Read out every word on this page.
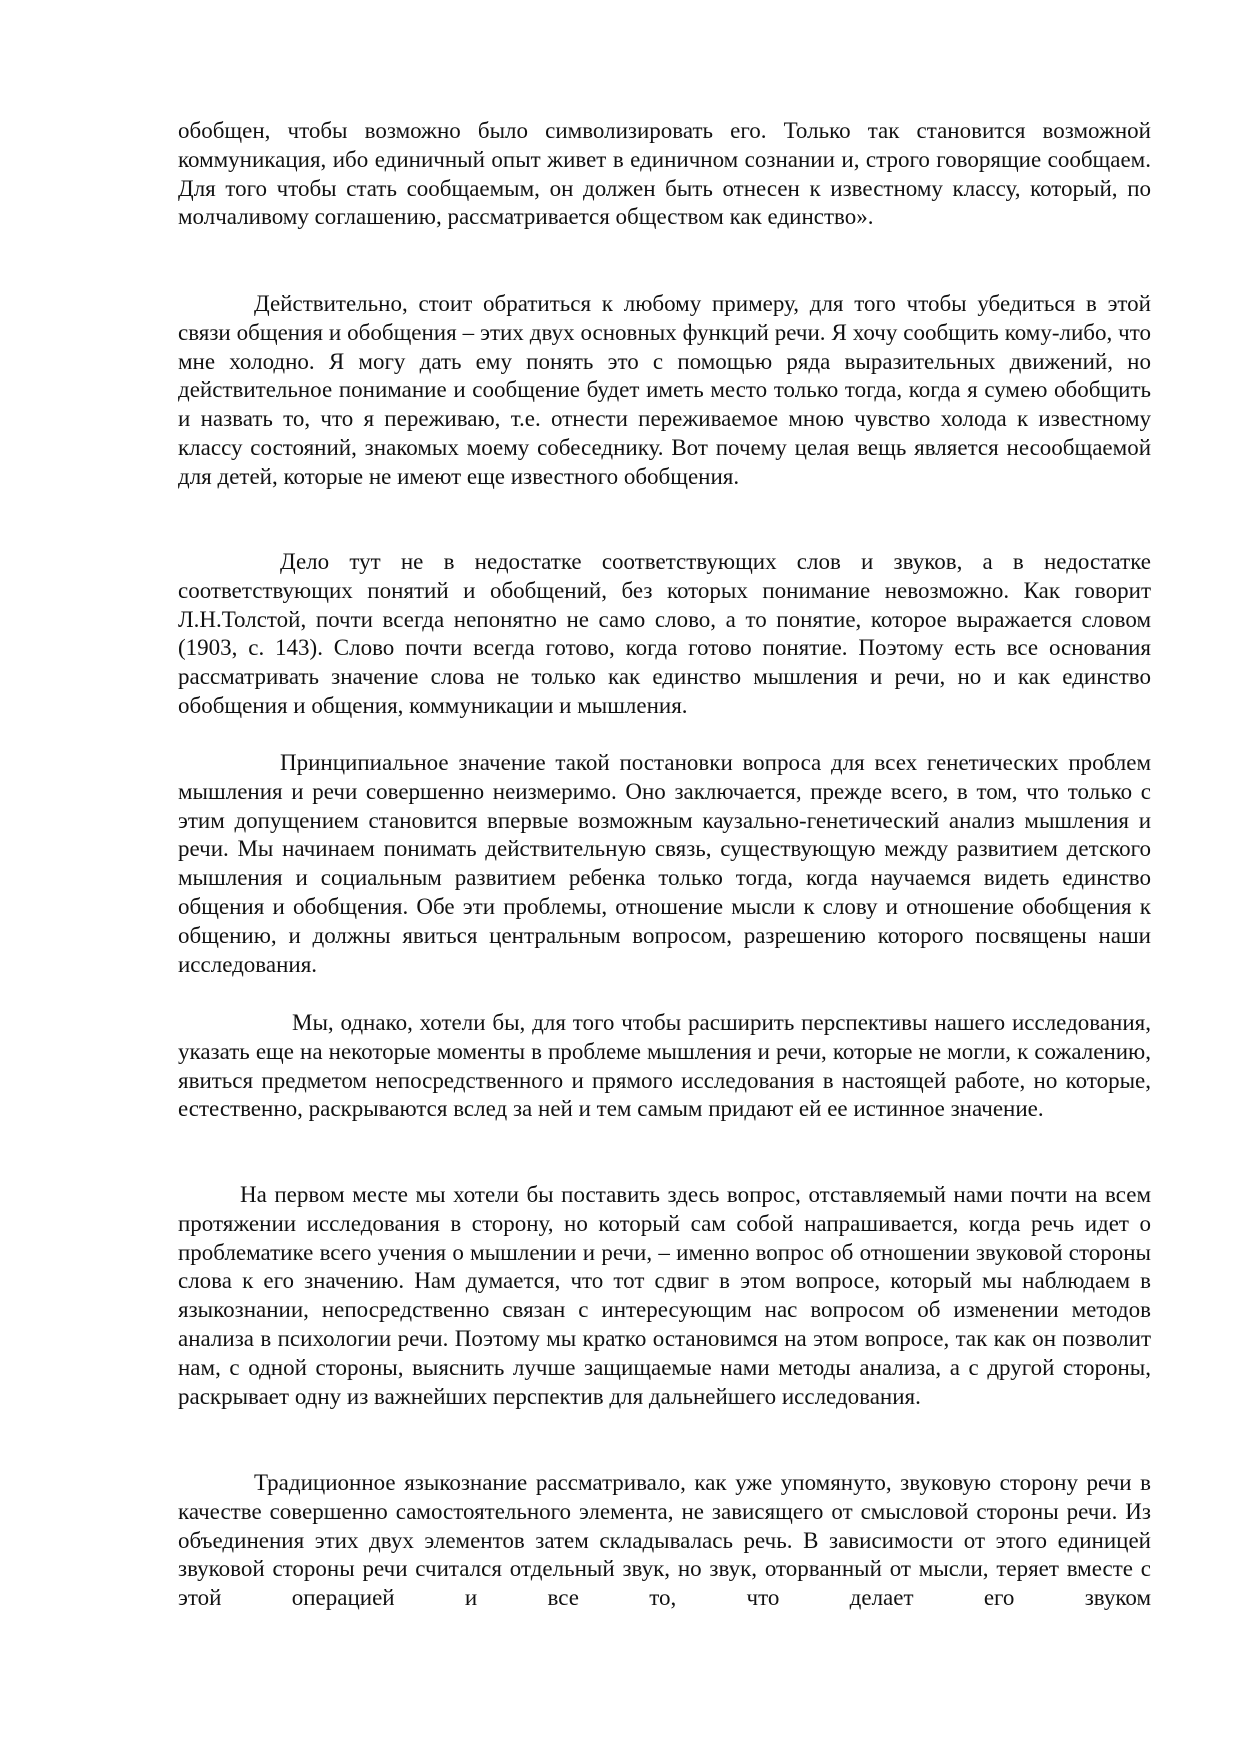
обобщен, чтобы возможно было символизировать его. Только так становится возможной коммуникация, ибо единичный опыт живет в единичном сознании и, строго говорящие сообщаем. Для того чтобы стать сообщаемым, он должен быть отнесен к известному классу, который, по молчаливому соглашению, рассматривается обществом как единство».

Действительно, стоит обратиться к любому примеру, для того чтобы убедиться в этой связи общения и обобщения – этих двух основных функций речи. Я хочу сообщить кому-либо, что мне холодно. Я могу дать ему понять это с помощью ряда выразительных движений, но действительное понимание и сообщение будет иметь место только тогда, когда я сумею обобщить и назвать то, что я переживаю, т.е. отнести переживаемое мною чувство холода к известному классу состояний, знакомых моему собеседнику. Вот почему целая вещь является несообщаемой для детей, которые не имеют еще известного обобщения.

Дело тут не в недостатке соответствующих слов и звуков, а в недостатке соответствующих понятий и обобщений, без которых понимание невозможно. Как говорит Л.Н.Толстой, почти всегда непонятно не само слово, а то понятие, которое выражается словом (1903, с. 143). Слово почти всегда готово, когда готово понятие. Поэтому есть все основания рассматривать значение слова не только как единство мышления и речи, но и как единство обобщения и общения, коммуникации и мышления.

Принципиальное значение такой постановки вопроса для всех генетических проблем мышления и речи совершенно неизмеримо. Оно заключается, прежде всего, в том, что только с этим допущением становится впервые возможным каузально-генетический анализ мышления и речи. Мы начинаем понимать действительную связь, существующую между развитием детского мышления и социальным развитием ребенка только тогда, когда научаемся видеть единство общения и обобщения. Обе эти проблемы, отношение мысли к слову и отношение обобщения к общению, и должны явиться центральным вопросом, разрешению которого посвящены наши исследования.

Мы, однако, хотели бы, для того чтобы расширить перспективы нашего исследования, указать еще на некоторые моменты в проблеме мышления и речи, которые не могли, к сожалению, явиться предметом непосредственного и прямого исследования в настоящей работе, но которые, естественно, раскрываются вслед за ней и тем самым придают ей ее истинное значение.

На первом месте мы хотели бы поставить здесь вопрос, отставляемый нами почти на всем протяжении исследования в сторону, но который сам собой напрашивается, когда речь идет о проблематике всего учения о мышлении и речи, – именно вопрос об отношении звуковой стороны слова к его значению. Нам думается, что тот сдвиг в этом вопросе, который мы наблюдаем в языкознании, непосредственно связан с интересующим нас вопросом об изменении методов анализа в психологии речи. Поэтому мы кратко остановимся на этом вопросе, так как он позволит нам, с одной стороны, выяснить лучше защищаемые нами методы анализа, а с другой стороны, раскрывает одну из важнейших перспектив для дальнейшего исследования.

Традиционное языкознание рассматривало, как уже упомянуто, звуковую сторону речи в качестве совершенно самостоятельного элемента, не зависящего от смысловой стороны речи. Из объединения этих двух элементов затем складывалась речь. В зависимости от этого единицей звуковой стороны речи считался отдельный звук, но звук, оторванный от мысли, теряет вместе с этой операцией и все то, что делает его звуком
